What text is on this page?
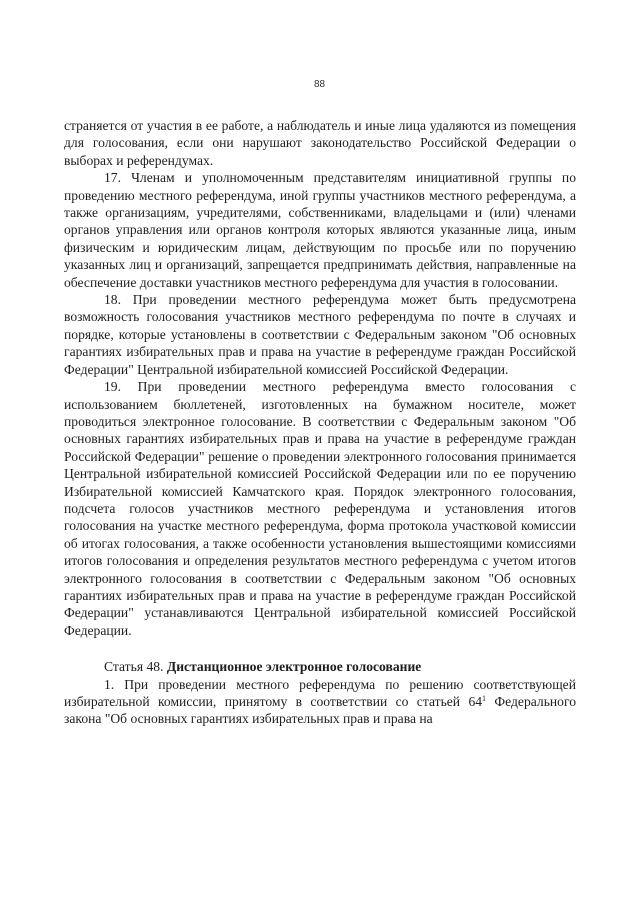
88

страняется от участия в ее работе, а наблюдатель и иные лица удаляются из помещения для голосования, если они нарушают законодательство Российской Федерации о выборах и референдумах.

17. Членам и уполномоченным представителям инициативной группы по проведению местного референдума, иной группы участников местного референдума, а также организациям, учредителями, собственниками, владельцами и (или) членами органов управления или органов контроля которых являются указанные лица, иным физическим и юридическим лицам, действующим по просьбе или по поручению указанных лиц и организаций, запрещается предпринимать действия, направленные на обеспечение доставки участников местного референдума для участия в голосовании.

18. При проведении местного референдума может быть предусмотрена возможность голосования участников местного референдума по почте в случаях и порядке, которые установлены в соответствии с Федеральным законом "Об основных гарантиях избирательных прав и права на участие в референдуме граждан Российской Федерации" Центральной избирательной комиссией Российской Федерации.

19. При проведении местного референдума вместо голосования с использованием бюллетеней, изготовленных на бумажном носителе, может проводиться электронное голосование. В соответствии с Федеральным законом "Об основных гарантиях избирательных прав и права на участие в референдуме граждан Российской Федерации" решение о проведении электронного голосования принимается Центральной избирательной комиссией Российской Федерации или по ее поручению Избирательной комиссией Камчатского края. Порядок электронного голосования, подсчета голосов участников местного референдума и установления итогов голосования на участке местного референдума, форма протокола участковой комиссии об итогах голосования, а также особенности установления вышестоящими комиссиями итогов голосования и определения результатов местного референдума с учетом итогов электронного голосования в соответствии с Федеральным законом "Об основных гарантиях избирательных прав и права на участие в референдуме граждан Российской Федерации" устанавливаются Центральной избирательной комиссией Российской Федерации.

Статья 48. Дистанционное электронное голосование

1. При проведении местного референдума по решению соответствующей избирательной комиссии, принятому в соответствии со статьей $64^1$ Федерального закона "Об основных гарантиях избирательных прав и права на
